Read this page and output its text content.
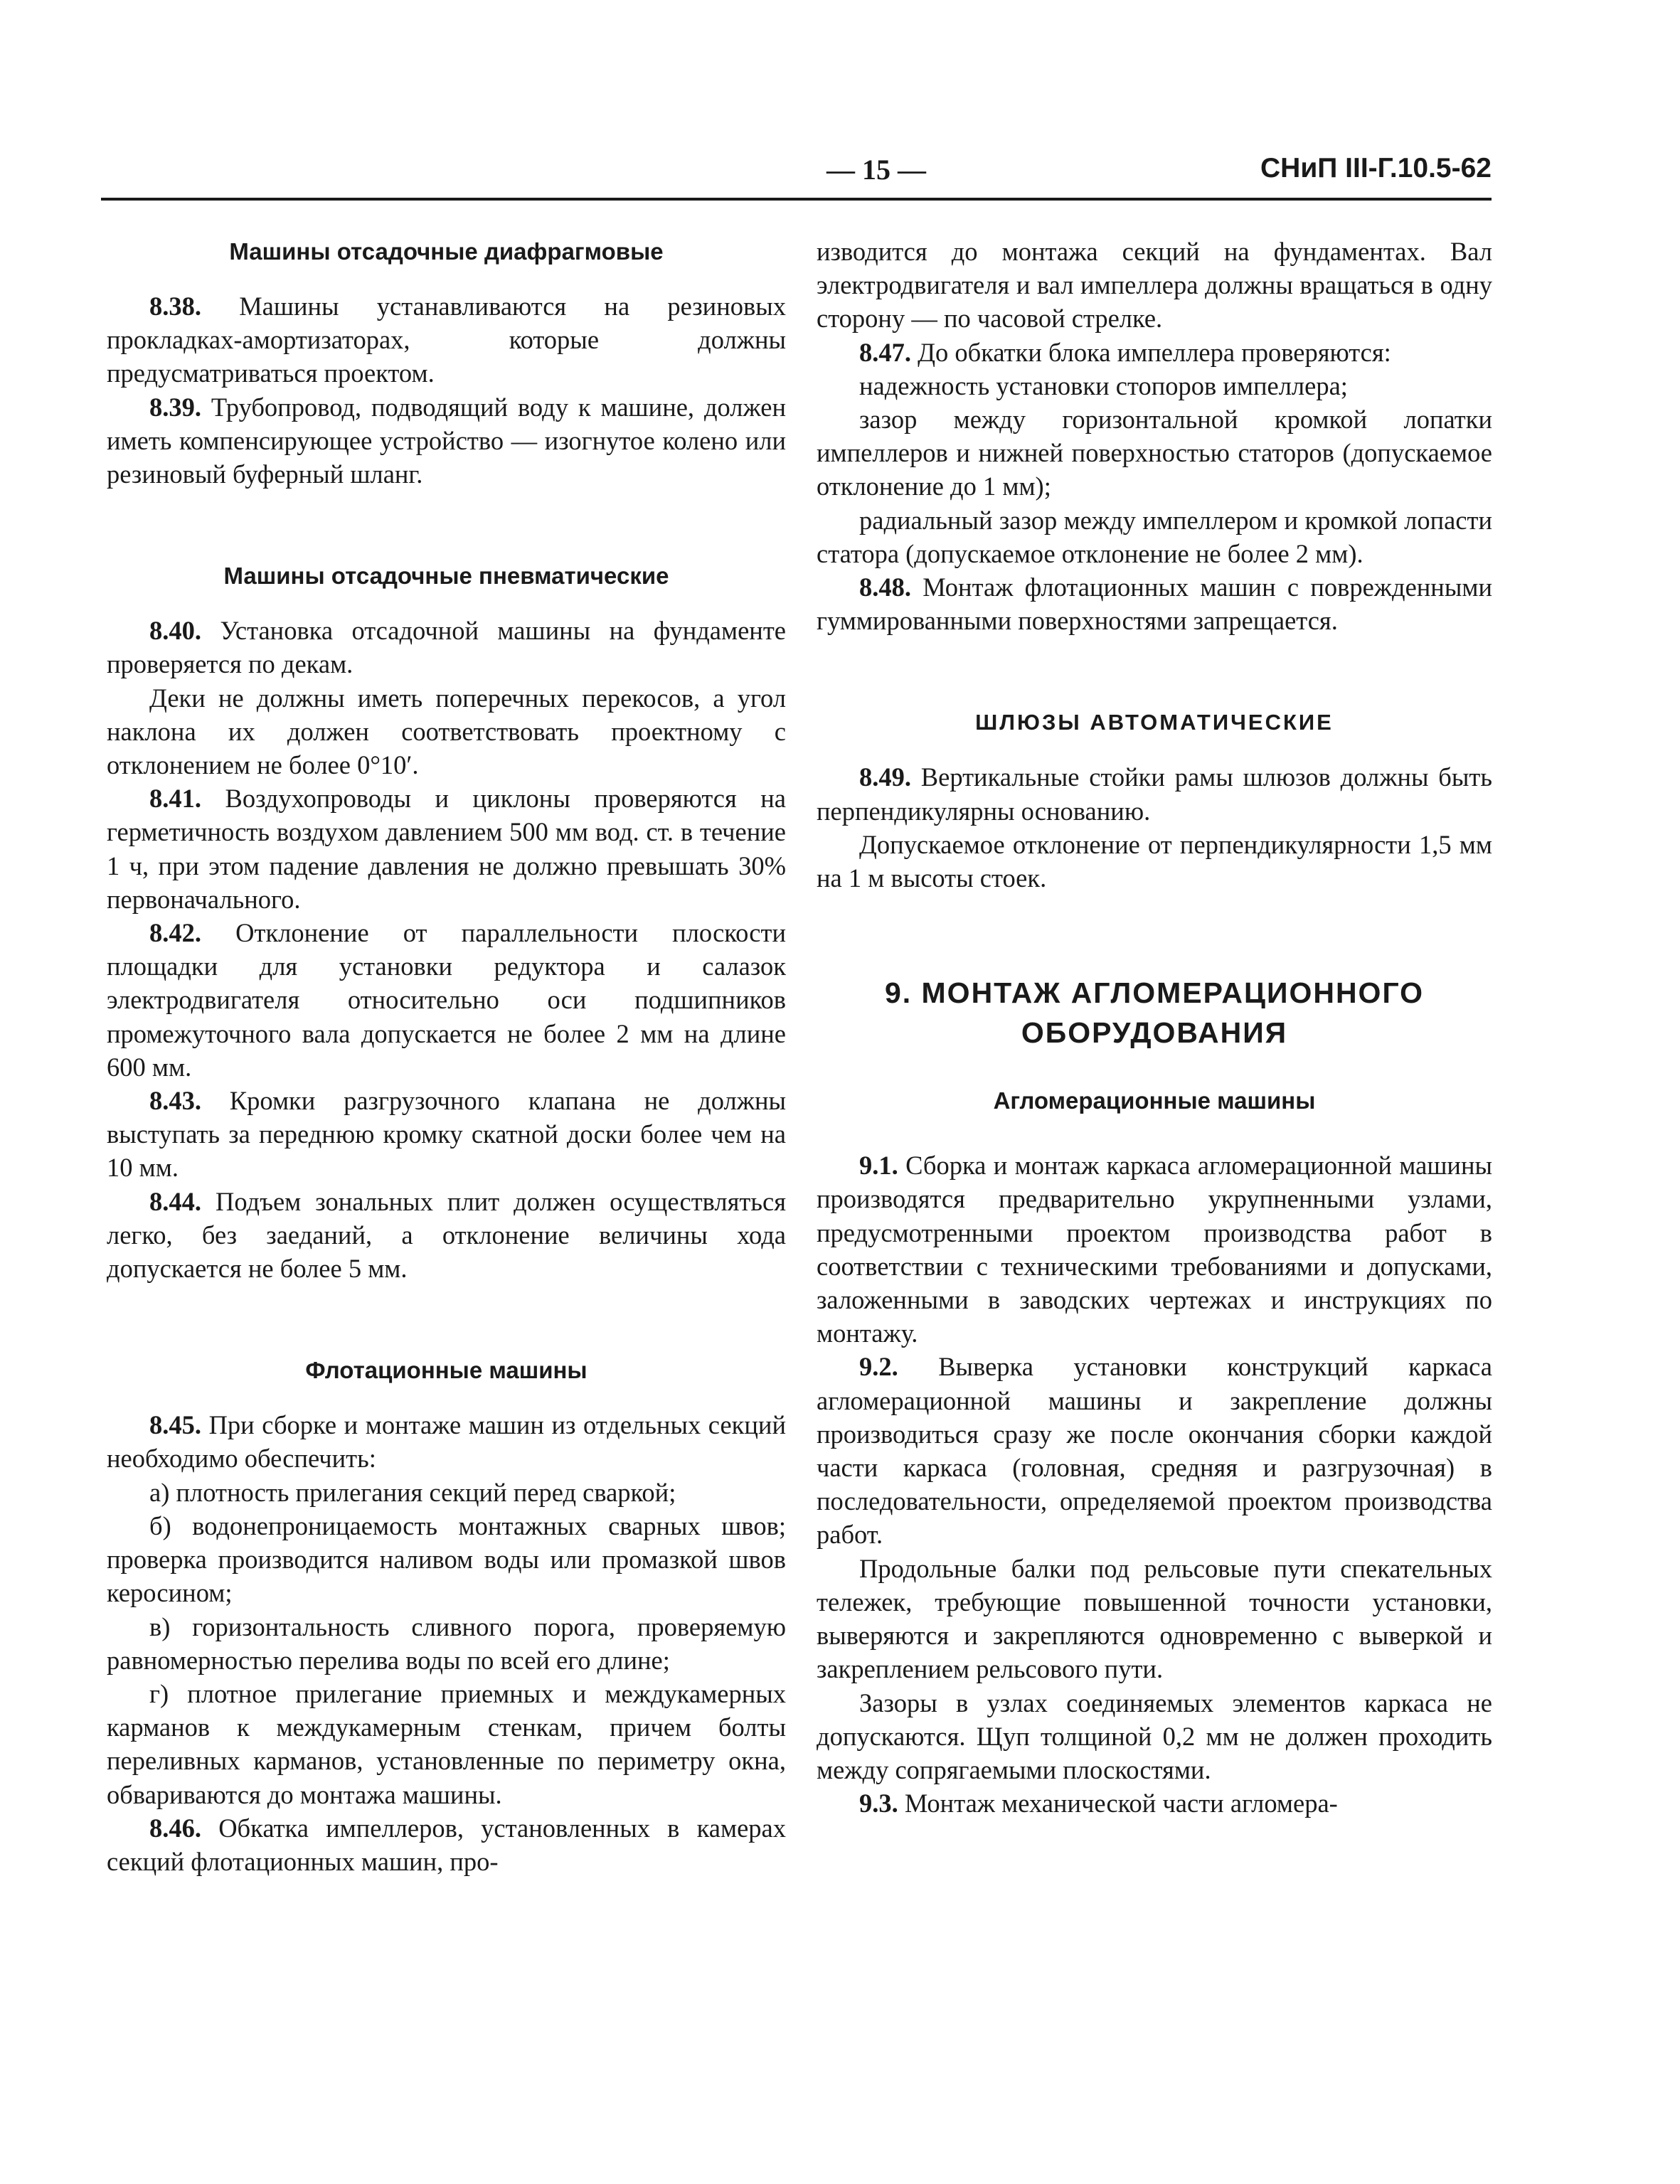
— 15 —	СНиП III-Г.10.5-62

Машины отсадочные диафрагмовые

8.38. Машины устанавливаются на резиновых прокладках-амортизаторах, которые должны предусматриваться проектом.

8.39. Трубопровод, подводящий воду к машине, должен иметь компенсирующее устройство — изогнутое колено или резиновый буферный шланг.

Машины отсадочные пневматические

8.40. Установка отсадочной машины на фундаменте проверяется по декам.

Деки не должны иметь поперечных перекосов, а угол наклона их должен соответствовать проектному с отклонением не более 0°10′.

8.41. Воздухопроводы и циклоны проверяются на герметичность воздухом давлением 500 мм вод. ст. в течение 1 ч, при этом падение давления не должно превышать 30% первоначального.

8.42. Отклонение от параллельности плоскости площадки для установки редуктора и салазок электродвигателя относительно оси подшипников промежуточного вала допускается не более 2 мм на длине 600 мм.

8.43. Кромки разгрузочного клапана не должны выступать за переднюю кромку скатной доски более чем на 10 мм.

8.44. Подъем зональных плит должен осуществляться легко, без заеданий, а отклонение величины хода допускается не более 5 мм.

Флотационные машины

8.45. При сборке и монтаже машин из отдельных секций необходимо обеспечить:

а) плотность прилегания секций перед сваркой;

б) водонепроницаемость монтажных сварных швов; проверка производится наливом воды или промазкой швов керосином;

в) горизонтальность сливного порога, проверяемую равномерностью перелива воды по всей его длине;

г) плотное прилегание приемных и междукамерных карманов к междукамерным стенкам, причем болты переливных карманов, установленные по периметру окна, обвариваются до монтажа машины.

8.46. Обкатка импеллеров, установленных в камерах секций флотационных машин, про-

изводится до монтажа секций на фундаментах. Вал электродвигателя и вал импеллера должны вращаться в одну сторону — по часовой стрелке.

8.47. До обкатки блока импеллера проверяются:

надежность установки стопоров импеллера;

зазор между горизонтальной кромкой лопатки импеллеров и нижней поверхностью статоров (допускаемое отклонение до 1 мм);

радиальный зазор между импеллером и кромкой лопасти статора (допускаемое отклонение не более 2 мм).

8.48. Монтаж флотационных машин с поврежденными гуммированными поверхностями запрещается.

ШЛЮЗЫ АВТОМАТИЧЕСКИЕ

8.49. Вертикальные стойки рамы шлюзов должны быть перпендикулярны основанию.

Допускаемое отклонение от перпендикулярности 1,5 мм на 1 м высоты стоек.

9. МОНТАЖ АГЛОМЕРАЦИОННОГО

ОБОРУДОВАНИЯ

Агломерационные машины

9.1. Сборка и монтаж каркаса агломерационной машины производятся предварительно укрупненными узлами, предусмотренными проектом производства работ в соответствии с техническими требованиями и допусками, заложенными в заводских чертежах и инструкциях по монтажу.

9.2. Выверка установки конструкций каркаса агломерационной машины и закрепление должны производиться сразу же после окончания сборки каждой части каркаса (головная, средняя и разгрузочная) в последовательности, определяемой проектом производства работ.

Продольные балки под рельсовые пути спекательных тележек, требующие повышенной точности установки, выверяются и закрепляются одновременно с выверкой и закреплением рельсового пути.

Зазоры в узлах соединяемых элементов каркаса не допускаются. Щуп толщиной 0,2 мм не должен проходить между сопрягаемыми плоскостями.

9.3. Монтаж механической части агломера-
